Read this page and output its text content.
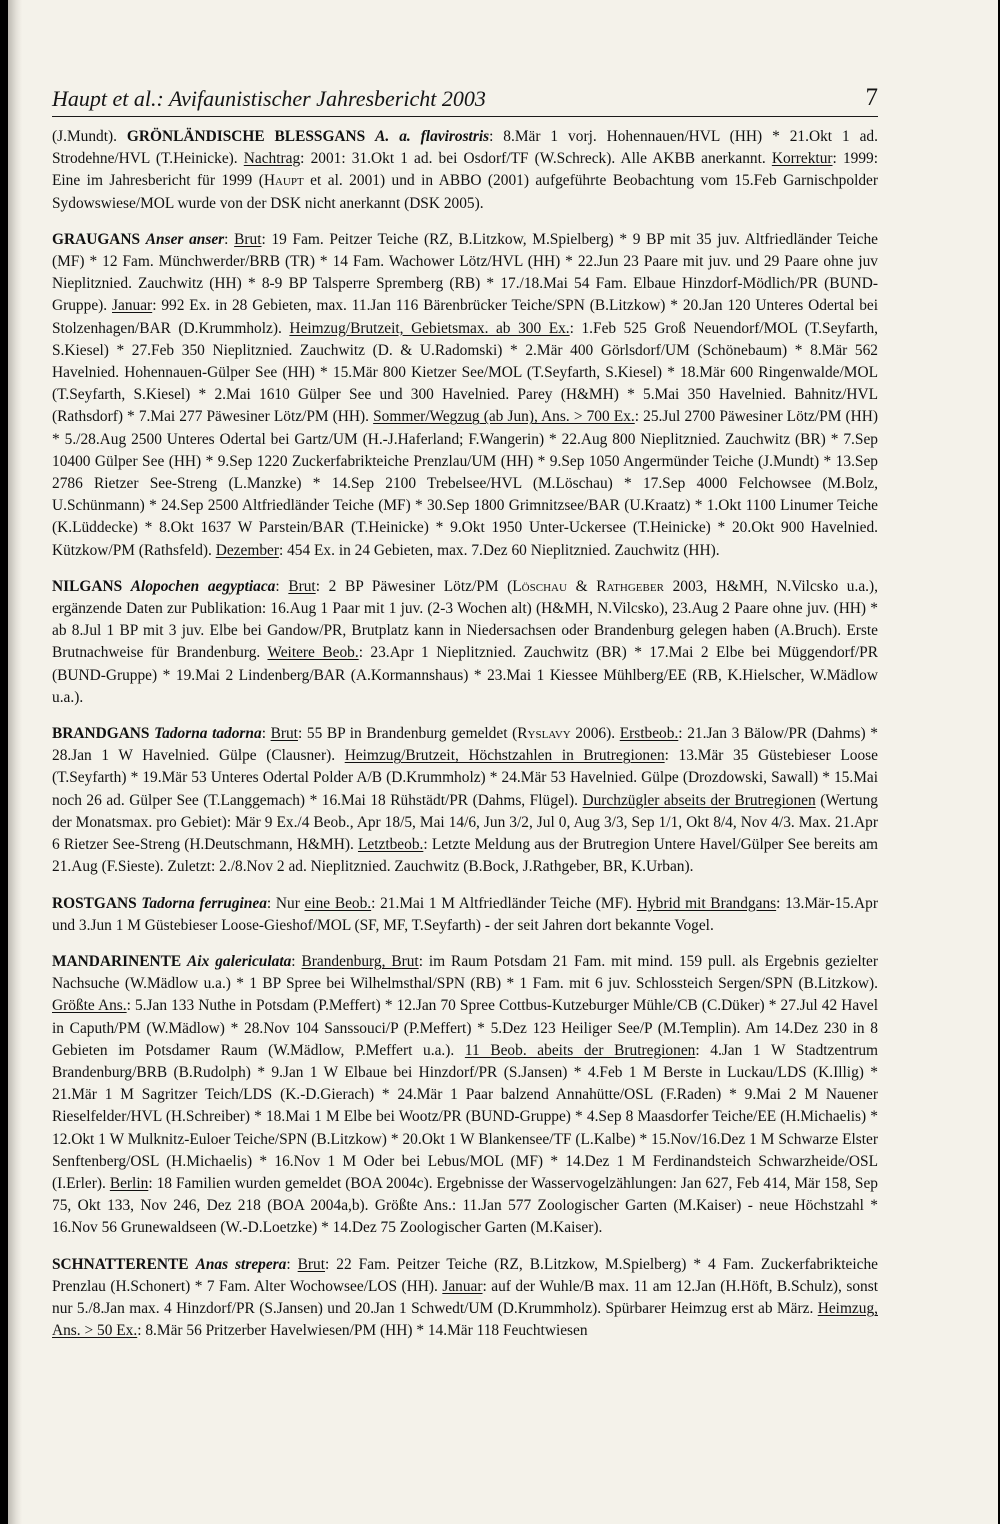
Haupt et al.: Avifaunistischer Jahresbericht 2003	7

(J.Mundt). GRÖNLÄNDISCHE BLESSGANS A. a. flavirostris: 8.Mär 1 vorj. Hohennauen/HVL (HH) * 21.Okt 1 ad. Strodehne/HVL (T.Heinicke). Nachtrag: 2001: 31.Okt 1 ad. bei Osdorf/TF (W.Schreck). Alle AKBB anerkannt. Korrektur: 1999: Eine im Jahresbericht für 1999 (Haupt et al. 2001) und in ABBO (2001) aufgeführte Beobachtung vom 15.Feb Garnischpolder Sydowswiese/MOL wurde von der DSK nicht anerkannt (DSK 2005).

GRAUGANS Anser anser: Brut: 19 Fam. Peitzer Teiche (RZ, B.Litzkow, M.Spielberg) * 9 BP mit 35 juv. Altfriedländer Teiche (MF) * 12 Fam. Münchwerder/BRB (TR) * 14 Fam. Wachower Lötz/HVL (HH) * 22.Jun 23 Paare mit juv. und 29 Paare ohne juv Nieplitznied. Zauchwitz (HH) * 8-9 BP Talsperre Spremberg (RB) * 17./18.Mai 54 Fam. Elbaue Hinzdorf-Mödlich/PR (BUND-Gruppe). Januar: 992 Ex. in 28 Gebieten, max. 11.Jan 116 Bärenbrücker Teiche/SPN (B.Litzkow) * 20.Jan 120 Unteres Odertal bei Stolzenhagen/BAR (D.Krummholz). Heimzug/Brutzeit, Gebietsmax. ab 300 Ex.: 1.Feb 525 Groß Neuendorf/MOL (T.Seyfarth, S.Kiesel) * 27.Feb 350 Nieplitznied. Zauchwitz (D. & U.Radomski) * 2.Mär 400 Görlsdorf/UM (Schönebaum) * 8.Mär 562 Havelnied. Hohennauen-Gülper See (HH) * 15.Mär 800 Kietzer See/MOL (T.Seyfarth, S.Kiesel) * 18.Mär 600 Ringenwalde/MOL (T.Seyfarth, S.Kiesel) * 2.Mai 1610 Gülper See und 300 Havelnied. Parey (H&MH) * 5.Mai 350 Havelnied. Bahnitz/HVL (Rathsdorf) * 7.Mai 277 Päwesiner Lötz/PM (HH). Sommer/Wegzug (ab Jun), Ans. > 700 Ex.: 25.Jul 2700 Päwesiner Lötz/PM (HH) * 5./28.Aug 2500 Unteres Odertal bei Gartz/UM (H.-J.Haferland; F.Wangerin) * 22.Aug 800 Nieplitznied. Zauchwitz (BR) * 7.Sep 10400 Gülper See (HH) * 9.Sep 1220 Zuckerfabrikteiche Prenzlau/UM (HH) * 9.Sep 1050 Angermünder Teiche (J.Mundt) * 13.Sep 2786 Rietzer See-Streng (L.Manzke) * 14.Sep 2100 Trebelsee/HVL (M.Löschau) * 17.Sep 4000 Felchowsee (M.Bolz, U.Schünmann) * 24.Sep 2500 Altfriedländer Teiche (MF) * 30.Sep 1800 Grimnitzsee/BAR (U.Kraatz) * 1.Okt 1100 Linumer Teiche (K.Lüddecke) * 8.Okt 1637 W Parstein/BAR (T.Heinicke) * 9.Okt 1950 Unter-Uckersee (T.Heinicke) * 20.Okt 900 Havelnied. Kützkow/PM (Rathsfeld). Dezember: 454 Ex. in 24 Gebieten, max. 7.Dez 60 Nieplitznied. Zauchwitz (HH).

NILGANS Alopochen aegyptiaca: Brut: 2 BP Päwesiner Lötz/PM (Löschau & Rathgeber 2003, H&MH, N.Vilcsko u.a.), ergänzende Daten zur Publikation: 16.Aug 1 Paar mit 1 juv. (2-3 Wochen alt) (H&MH, N.Vilcsko), 23.Aug 2 Paare ohne juv. (HH) * ab 8.Jul 1 BP mit 3 juv. Elbe bei Gandow/PR, Brutplatz kann in Niedersachsen oder Brandenburg gelegen haben (A.Bruch). Erste Brutnachweise für Brandenburg. Weitere Beob.: 23.Apr 1 Nieplitznied. Zauchwitz (BR) * 17.Mai 2 Elbe bei Müggendorf/PR (BUND-Gruppe) * 19.Mai 2 Lindenberg/BAR (A.Kormannshaus) * 23.Mai 1 Kiessee Mühlberg/EE (RB, K.Hielscher, W.Mädlow u.a.).

BRANDGANS Tadorna tadorna: Brut: 55 BP in Brandenburg gemeldet (Ryslavy 2006). Erstbeob.: 21.Jan 3 Bälow/PR (Dahms) * 28.Jan 1 W Havelnied. Gülpe (Clausner). Heimzug/Brutzeit, Höchstzahlen in Brutregionen: 13.Mär 35 Güstebieser Loose (T.Seyfarth) * 19.Mär 53 Unteres Odertal Polder A/B (D.Krummholz) * 24.Mär 53 Havelnied. Gülpe (Drozdowski, Sawall) * 15.Mai noch 26 ad. Gülper See (T.Langgemach) * 16.Mai 18 Rühstädt/PR (Dahms, Flügel). Durchzügler abseits der Brutregionen (Wertung der Monatsmax. pro Gebiet): Mär 9 Ex./4 Beob., Apr 18/5, Mai 14/6, Jun 3/2, Jul 0, Aug 3/3, Sep 1/1, Okt 8/4, Nov 4/3. Max. 21.Apr 6 Rietzer See-Streng (H.Deutschmann, H&MH). Letztbeob.: Letzte Meldung aus der Brutregion Untere Havel/Gülper See bereits am 21.Aug (F.Sieste). Zuletzt: 2./8.Nov 2 ad. Nieplitznied. Zauchwitz (B.Bock, J.Rathgeber, BR, K.Urban).

ROSTGANS Tadorna ferruginea: Nur eine Beob.: 21.Mai 1 M Altfriedländer Teiche (MF). Hybrid mit Brandgans: 13.Mär-15.Apr und 3.Jun 1 M Güstebieser Loose-Gieshof/MOL (SF, MF, T.Seyfarth) - der seit Jahren dort bekannte Vogel.

MANDARINENTE Aix galericulata: Brandenburg, Brut: im Raum Potsdam 21 Fam. mit mind. 159 pull. als Ergebnis gezielter Nachsuche (W.Mädlow u.a.) * 1 BP Spree bei Wilhelmsthal/SPN (RB) * 1 Fam. mit 6 juv. Schlossteich Sergen/SPN (B.Litzkow). Größte Ans.: 5.Jan 133 Nuthe in Potsdam (P.Meffert) * 12.Jan 70 Spree Cottbus-Kutzeburger Mühle/CB (C.Düker) * 27.Jul 42 Havel in Caputh/PM (W.Mädlow) * 28.Nov 104 Sanssouci/P (P.Meffert) * 5.Dez 123 Heiliger See/P (M.Templin). Am 14.Dez 230 in 8 Gebieten im Potsdamer Raum (W.Mädlow, P.Meffert u.a.). 11 Beob. abeits der Brutregionen: 4.Jan 1 W Stadtzentrum Brandenburg/BRB (B.Rudolph) * 9.Jan 1 W Elbaue bei Hinzdorf/PR (S.Jansen) * 4.Feb 1 M Berste in Luckau/LDS (K.Illig) * 21.Mär 1 M Sagritzer Teich/LDS (K.-D.Gierach) * 24.Mär 1 Paar balzend Annahütte/OSL (F.Raden) * 9.Mai 2 M Nauener Rieselfelder/HVL (H.Schreiber) * 18.Mai 1 M Elbe bei Wootz/PR (BUND-Gruppe) * 4.Sep 8 Maasdorfer Teiche/EE (H.Michaelis) * 12.Okt 1 W Mulknitz-Euloer Teiche/SPN (B.Litzkow) * 20.Okt 1 W Blankensee/TF (L.Kalbe) * 15.Nov/16.Dez 1 M Schwarze Elster Senftenberg/OSL (H.Michaelis) * 16.Nov 1 M Oder bei Lebus/MOL (MF) * 14.Dez 1 M Ferdinandsteich Schwarzheide/OSL (I.Erler). Berlin: 18 Familien wurden gemeldet (BOA 2004c). Ergebnisse der Wasservogelzählungen: Jan 627, Feb 414, Mär 158, Sep 75, Okt 133, Nov 246, Dez 218 (BOA 2004a,b). Größte Ans.: 11.Jan 577 Zoologischer Garten (M.Kaiser) - neue Höchstzahl * 16.Nov 56 Grunewaldseen (W.-D.Loetzke) * 14.Dez 75 Zoologischer Garten (M.Kaiser).

SCHNATTERENTE Anas strepera: Brut: 22 Fam. Peitzer Teiche (RZ, B.Litzkow, M.Spielberg) * 4 Fam. Zuckerfabrikteiche Prenzlau (H.Schonert) * 7 Fam. Alter Wochowsee/LOS (HH). Januar: auf der Wuhle/B max. 11 am 12.Jan (H.Höft, B.Schulz), sonst nur 5./8.Jan max. 4 Hinzdorf/PR (S.Jansen) und 20.Jan 1 Schwedt/UM (D.Krummholz). Spürbarer Heimzug erst ab März. Heimzug, Ans. > 50 Ex.: 8.Mär 56 Pritzerber Havelwiesen/PM (HH) * 14.Mär 118 Feuchtwiesen
